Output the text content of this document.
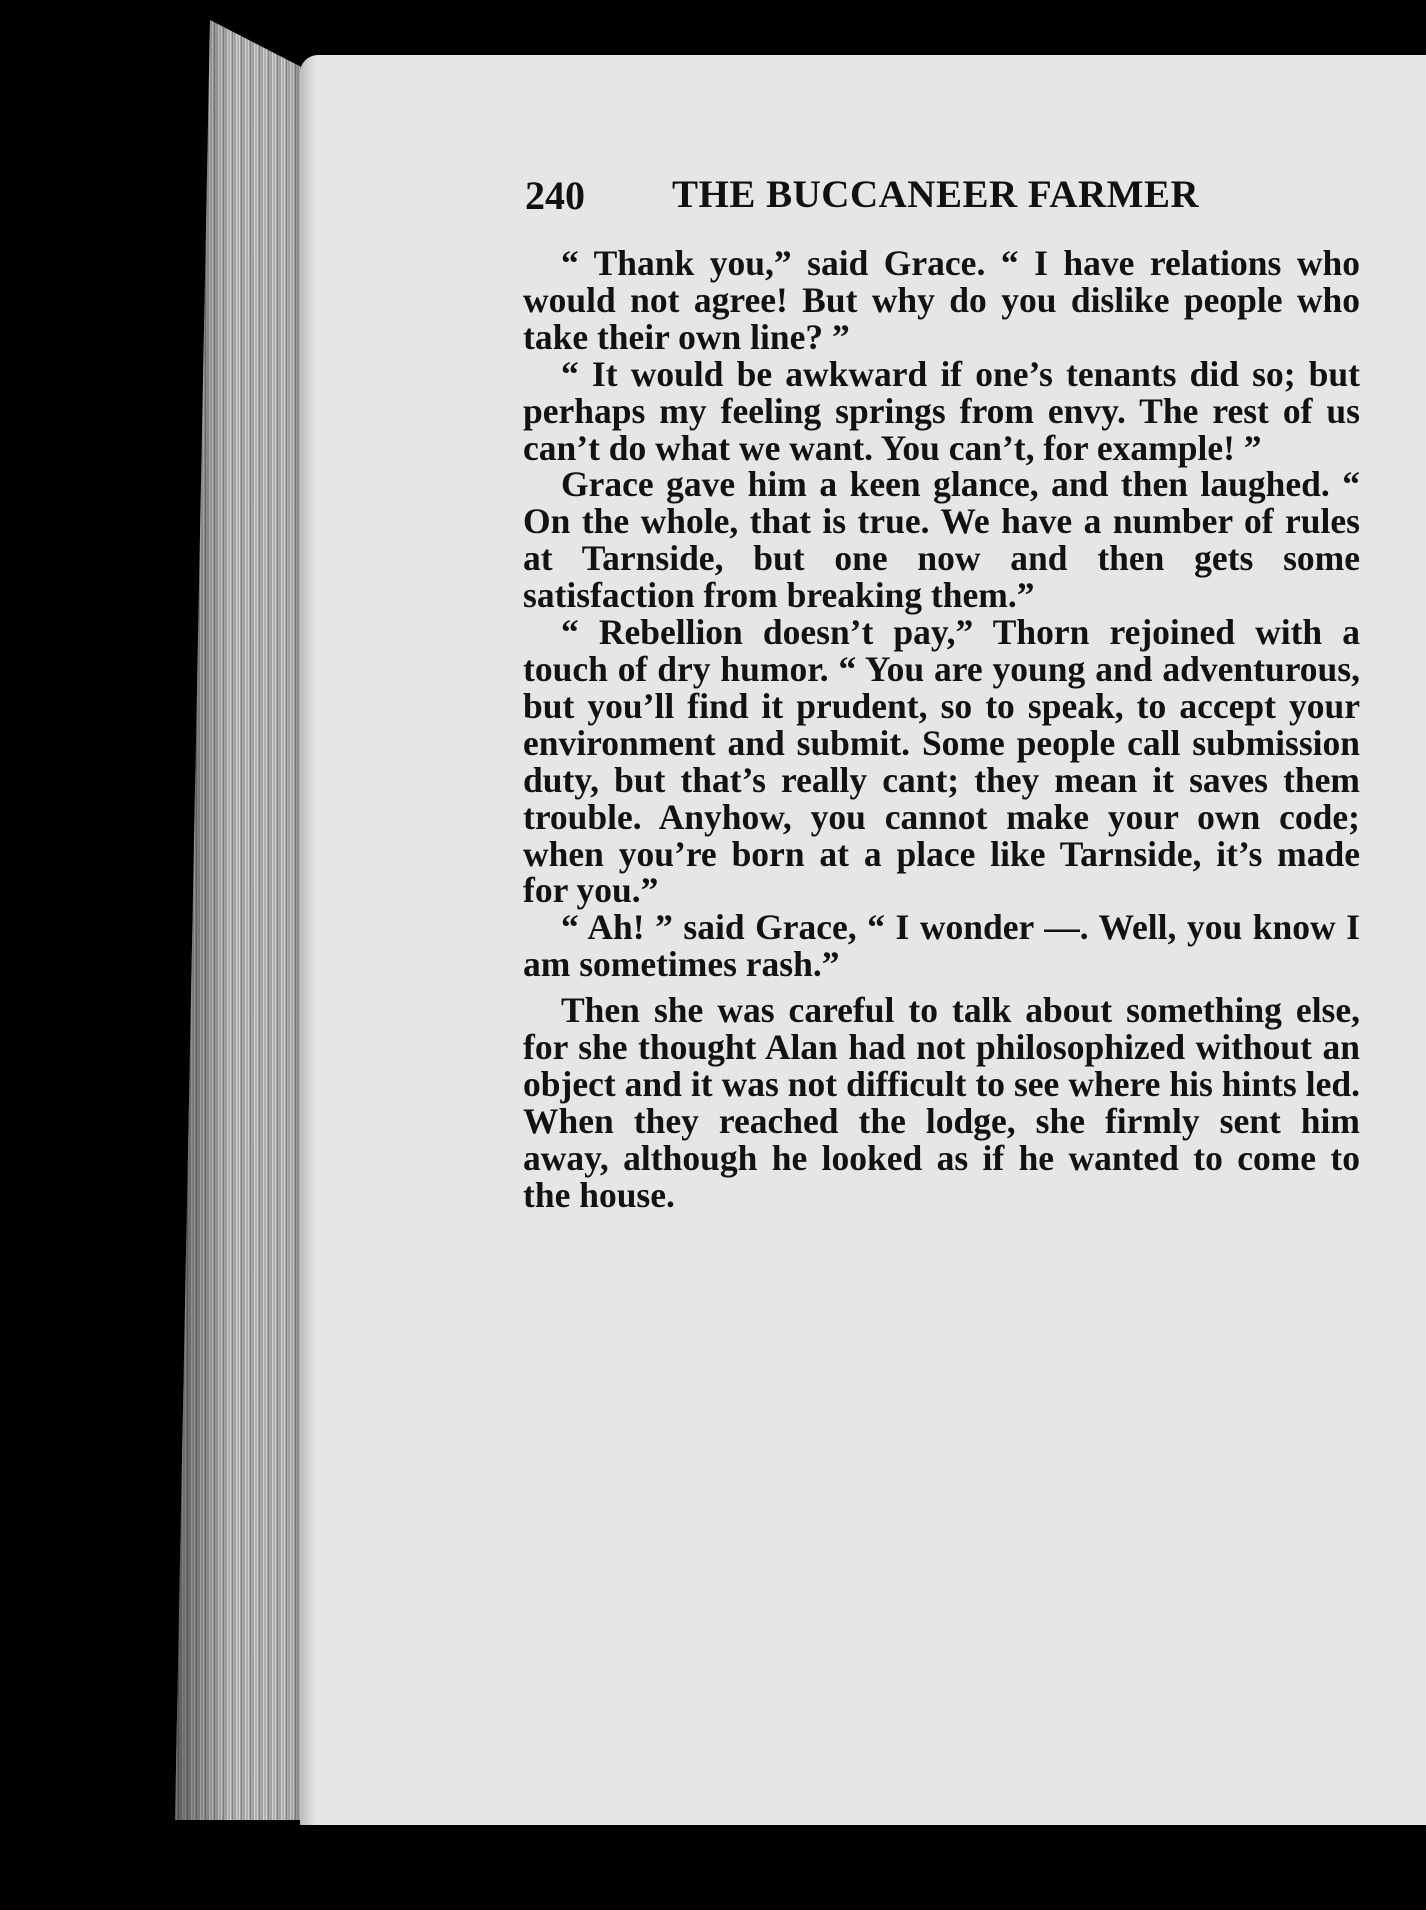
240 THE BUCCANEER FARMER

“ Thank you,” said Grace. “ I have relations who would not agree! But why do you dislike people who take their own line? ”

“ It would be awkward if one’s tenants did so; but perhaps my feeling springs from envy. The rest of us can’t do what we want. You can’t, for example! ”

Grace gave him a keen glance, and then laughed. “ On the whole, that is true. We have a number of rules at Tarnside, but one now and then gets some satisfaction from breaking them.”

“ Rebellion doesn’t pay,” Thorn rejoined with a touch of dry humor. “ You are young and adventurous, but you’ll find it prudent, so to speak, to accept your environment and submit. Some people call submission duty, but that’s really cant; they mean it saves them trouble. Anyhow, you cannot make your own code; when you’re born at a place like Tarnside, it’s made for you.”

“ Ah! ” said Grace, “ I wonder —. Well, you know I am sometimes rash.”

Then she was careful to talk about something else, for she thought Alan had not philosophized without an object and it was not difficult to see where his hints led. When they reached the lodge, she firmly sent him away, although he looked as if he wanted to come to the house.
